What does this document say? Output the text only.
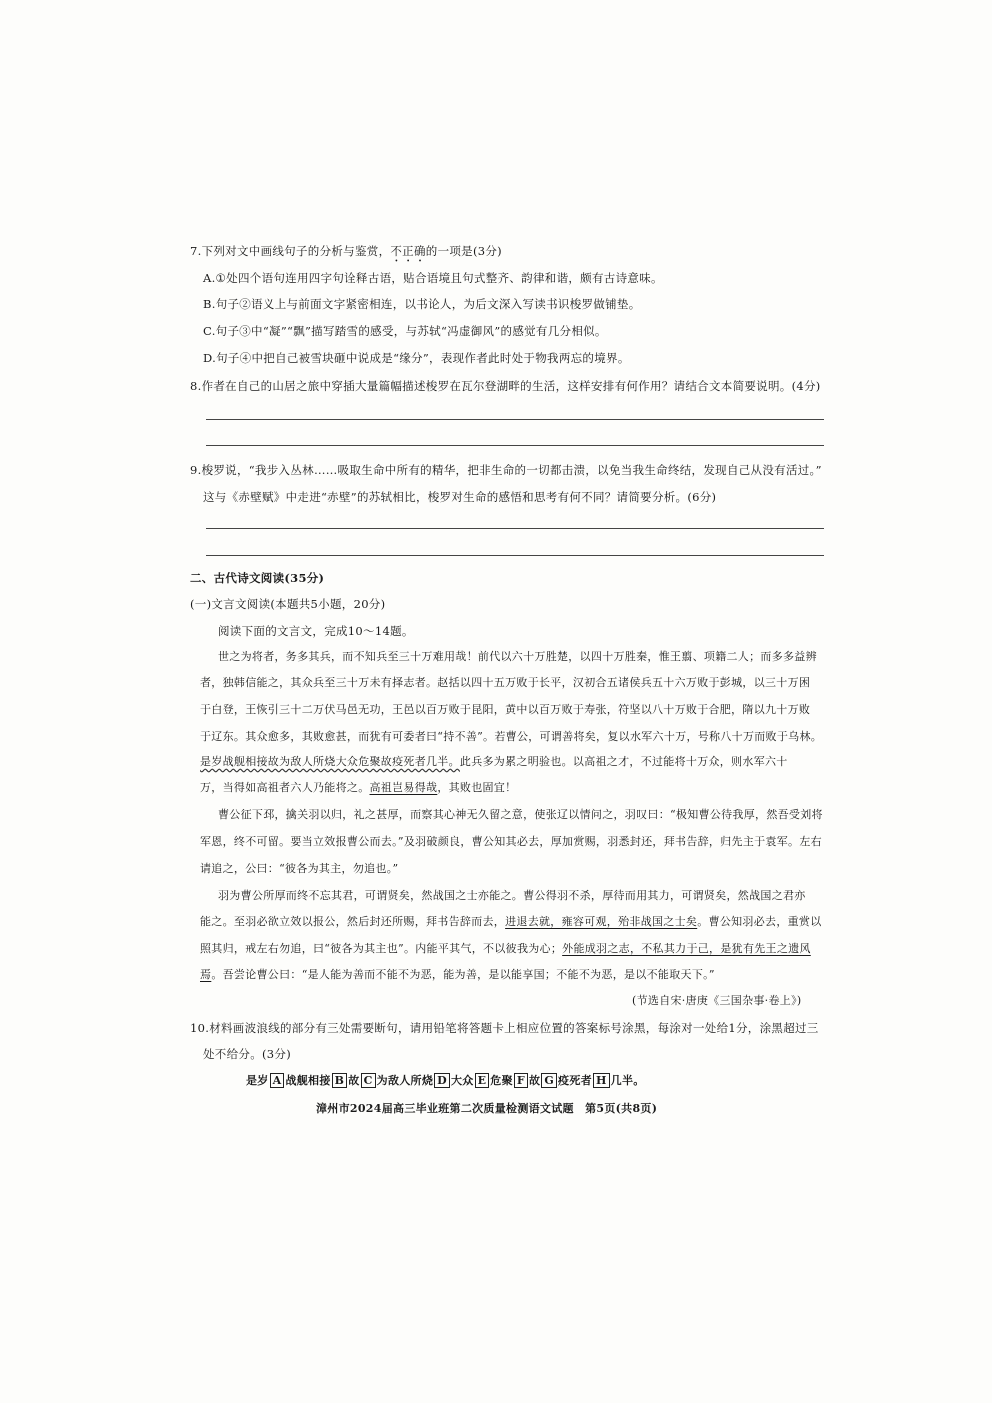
7.下列对文中画线句子的分析与鉴赏，不正确的一项是(3分)
A.①处四个语句连用四字句诠释古语，贴合语境且句式整齐、韵律和谐，颇有古诗意味。
B.句子②语义上与前面文字紧密相连，以书论人，为后文深入写读书识梭罗做铺垫。
C.句子③中“凝”“飘”描写踏雪的感受，与苏轼“冯虚御风”的感觉有几分相似。
D.句子④中把自己被雪块砸中说成是“缘分”，表现作者此时处于物我两忘的境界。
8.作者在自己的山居之旅中穿插大量篇幅描述梭罗在瓦尔登湖畔的生活，这样安排有何作用？请结合文本简要说明。(4分)
9.梭罗说，“我步入丛林……吸取生命中所有的精华，把非生命的一切都击溃，以免当我生命终结，发现自己从没有活过。”
这与《赤壁赋》中走进“赤壁”的苏轼相比，梭罗对生命的感悟和思考有何不同？请简要分析。(6分)
二、古代诗文阅读(35分)
(一)文言文阅读(本题共5小题，20分)
阅读下面的文言文，完成10～14题。
世之为将者，务多其兵，而不知兵至三十万难用哉！前代以六十万胜楚，以四十万胜秦，惟王翦、项籍二人；而多多益辨
者，独韩信能之，其众兵至三十万未有择志者。赵括以四十五万败于长平，汉初合五诸侯兵五十六万败于彭城，以三十万困
于白登，王恢引三十二万伏马邑无功，王邑以百万败于昆阳，黄中以百万败于寿张，符坚以八十万败于合肥，隋以九十万败
于辽东。其众愈多，其败愈甚，而犹有可委者曰“持不善”。若曹公，可谓善将矣，复以水军六十万，号称八十万而败于乌林。
是岁战舰相接故为敌人所烧大众危聚故疫死者几半。此兵多为累之明验也。以高祖之才，不过能将十万众，则水军六十
万，当得如高祖者六人乃能将之。高祖岂易得哉，其败也固宜！
曹公征下邳，擒关羽以归，礼之甚厚，而察其心神无久留之意，使张辽以情问之，羽叹曰：“极知曹公待我厚，然吾受刘将
军恩，终不可留。要当立效报曹公而去。”及羽破颜良，曹公知其必去，厚加赏赐，羽悉封还，拜书告辞，归先主于袁军。左右
请追之，公曰：“彼各为其主，勿追也。”
羽为曹公所厚而终不忘其君，可谓贤矣，然战国之士亦能之。曹公得羽不杀，厚待而用其力，可谓贤矣，然战国之君亦
能之。至羽必欲立效以报公，然后封还所赐，拜书告辞而去，进退去就，雍容可观，殆非战国之士矣。曹公知羽必去，重赏以
照其归，戒左右勿追，曰“彼各为其主也”。内能平其气，不以彼我为心；外能成羽之志，不私其力于己，是犹有先王之遗风
焉。吾尝论曹公曰：“是人能为善而不能不为恶，能为善，是以能享国；不能不为恶，是以不能取天下。”
(节选自宋·唐庚《三国杂事·卷上》)
10.材料画波浪线的部分有三处需要断句，请用铅笔将答题卡上相应位置的答案标号涂黑，每涂对一处给1分，涂黑超过三
处不给分。(3分)
是岁 A 战舰相接 B 故 C 为敌人所烧 D 大众 E 危聚 F 故 G 疫死者 H 几半。
漳州市2024届高三毕业班第二次质量检测语文试题　第5页(共8页)
